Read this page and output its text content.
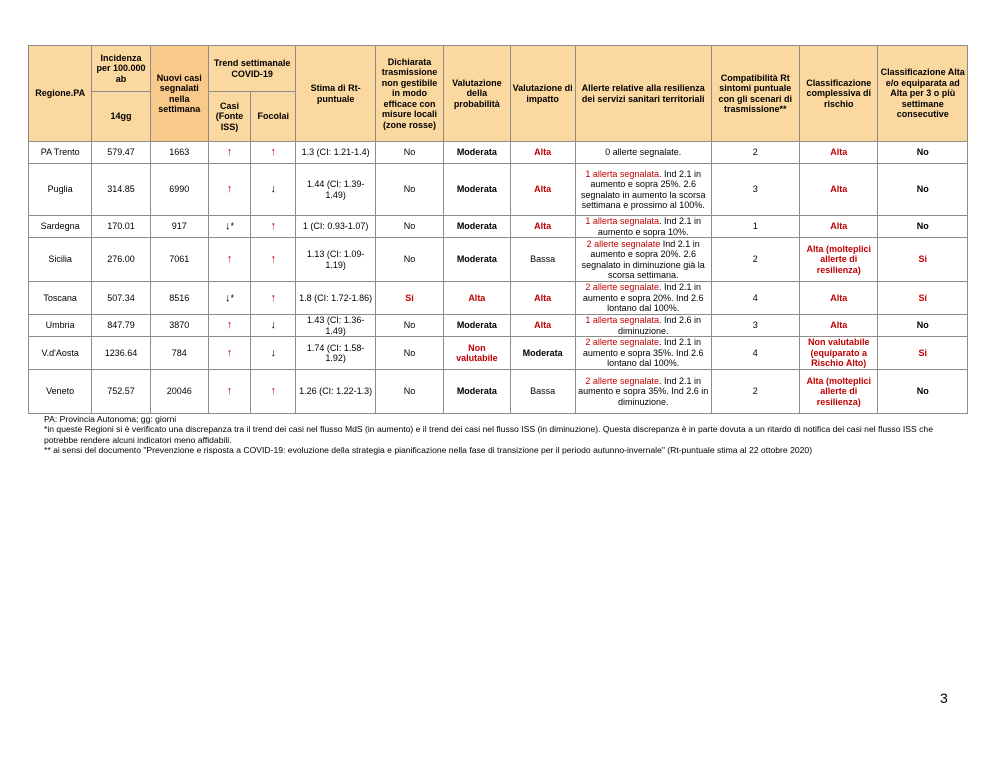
Regione.PA	Incidenza per 100.000 ab	Nuovi casi segnalati nella settimana	Trend settimanale COVID-19		Stima di Rt-puntuale	Dichiarata trasmissione non gestibile in modo efficace con misure locali (zone rosse)	Valutazione della probabilità	Valutazione di impatto	Allerte relative alla resilienza dei servizi sanitari territoriali	Compatibilità Rt sintomi puntuale con gli scenari di trasmissione**	Classificazione complessiva di rischio	Classificazione Alta e/o equiparata ad Alta per 3 o più settimane consecutive
	14gg		Casi (Fonte ISS)	Focolai								
PA Trento	579.47	1663	↑	↑	1.3 (CI: 1.21-1.4)	No	Moderata	Alta	0 allerte segnalate.	2	Alta	No
Puglia	314.85	6990	↑	↓	1.44 (CI: 1.39-1.49)	No	Moderata	Alta	1 allerta segnalata. Ind 2.1 in aumento e sopra 25%. 2.6 segnalato in aumento la scorsa settimana e prossimo al 100%.	3	Alta	No
Sardegna	170.01	917	↓*	↑	1 (CI: 0.93-1.07)	No	Moderata	Alta	1 allerta segnalata. Ind 2.1 in aumento e sopra 10%.	1	Alta	No
Sicilia	276.00	7061	↑	↑	1.13 (CI: 1.09-1.19)	No	Moderata	Bassa	2 allerte segnalate Ind 2.1 in aumento e sopra 20%. 2.6 segnalato in diminuzione già la scorsa settimana.	2	Alta (molteplici allerte di resilienza)	Si
Toscana	507.34	8516	↓*	↑	1.8 (CI: 1.72-1.86)	Si	Alta	Alta	2 allerte segnalate. Ind 2.1 in aumento e sopra 20%. Ind 2.6 lontano dal 100%.	4	Alta	Si
Umbria	847.79	3870	↑	↓	1.43 (CI: 1.36-1.49)	No	Moderata	Alta	1 allerta segnalata. Ind 2.6 in diminuzione.	3	Alta	No
V.d'Aosta	1236.64	784	↑	↓	1.74 (CI: 1.58-1.92)	No	Non valutabile	Moderata	2 allerte segnalate. Ind 2.1 in aumento e sopra 35%. Ind 2.6 lontano dal 100%.	4	Non valutabile (equiparato a Rischio Alto)	Si
Veneto	752.57	20046	↑	↑	1.26 (CI: 1.22-1.3)	No	Moderata	Bassa	2 allerte segnalate. Ind 2.1 in aumento e sopra 35%. Ind 2.6 in diminuzione.	2	Alta (molteplici allerte di resilienza)	No
PA: Provincia Autonoma; gg: giorni
*in queste Regioni si è verificato una discrepanza tra il trend dei casi nel flusso MdS (in aumento) e il trend dei casi nel flusso ISS (in diminuzione). Questa discrepanza è in parte dovuta a un ritardo di notifica dei casi nel flusso ISS che potrebbe rendere alcuni indicatori meno affidabili.
** ai sensi del documento "Prevenzione e risposta a COVID-19: evoluzione della strategia e pianificazione nella fase di transizione per il periodo autunno-invernale" (Rt-puntuale stima al 22 ottobre 2020)
3
